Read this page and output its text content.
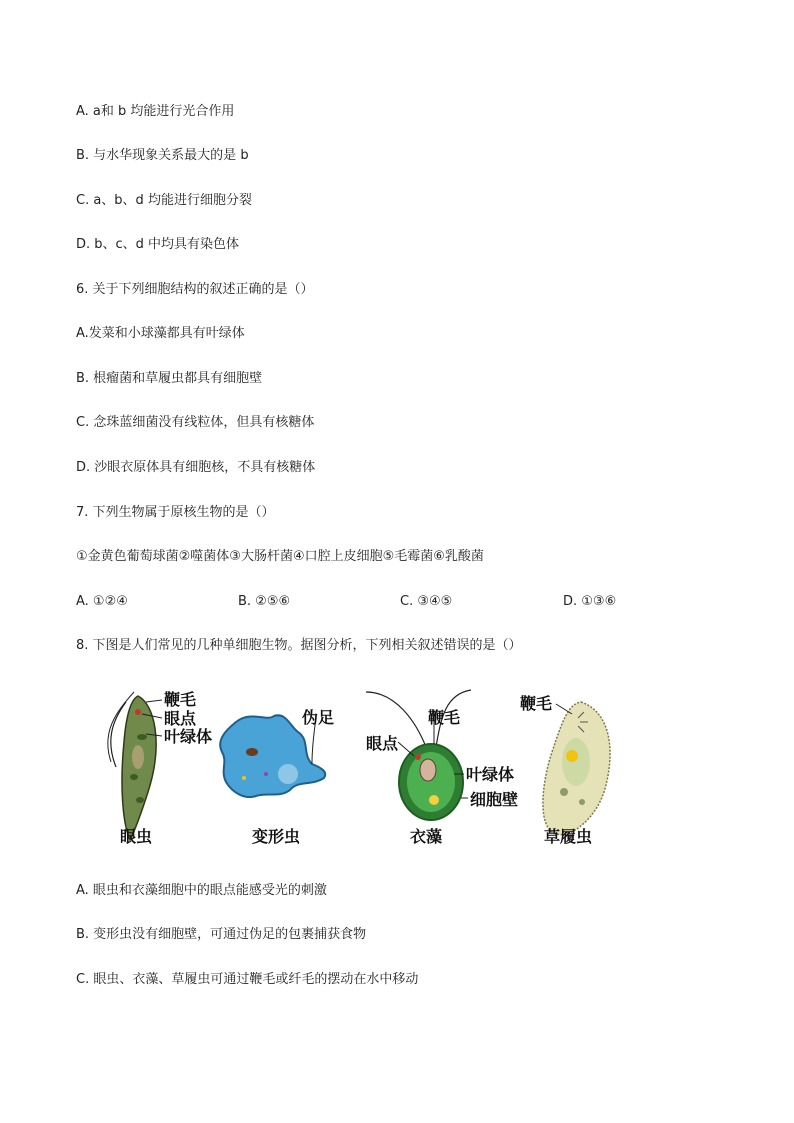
A. a和 b 均能进行光合作用
B. 与水华现象关系最大的是 b
C. a、b、d 均能进行细胞分裂
D. b、c、d 中均具有染色体
6. 关于下列细胞结构的叙述正确的是（）
A.发菜和小球藻都具有叶绿体
B. 根瘤菌和草履虫都具有细胞壁
C. 念珠蓝细菌没有线粒体，但具有核糖体
D. 沙眼衣原体具有细胞核，不具有核糖体
7. 下列生物属于原核生物的是（）
①金黄色葡萄球菌②噬菌体③大肠杆菌④口腔上皮细胞⑤毛霉菌⑥乳酸菌
A. ①②④	B. ②⑤⑥	C. ③④⑤	D. ①③⑥
8. 下图是人们常见的几种单细胞生物。据图分析，下列相关叙述错误的是（）
鞭毛
眼点
叶绿体
眼虫
伪足
变形虫
鞭毛
眼点
叶绿体
细胞壁
衣藻
鞭毛
草履虫
A. 眼虫和衣藻细胞中的眼点能感受光的刺激
B. 变形虫没有细胞壁，可通过伪足的包裹捕获食物
C. 眼虫、衣藻、草履虫可通过鞭毛或纤毛的摆动在水中移动
